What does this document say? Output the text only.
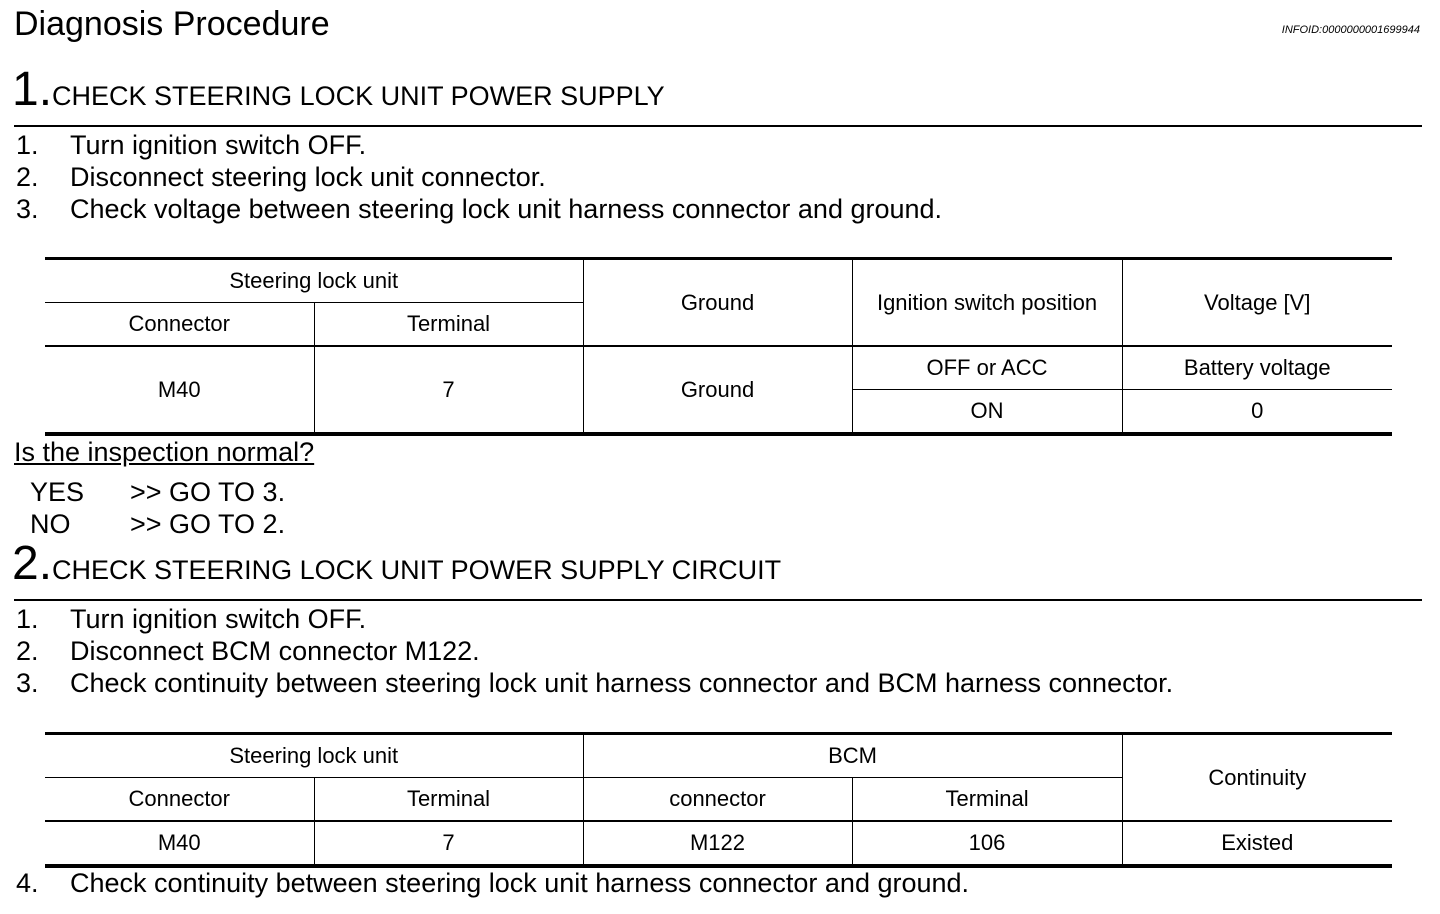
Diagnosis Procedure	INFOID:0000000001699944
1.CHECK STEERING LOCK UNIT POWER SUPPLY
1.	Turn ignition switch OFF.
2.	Disconnect steering lock unit connector.
3.	Check voltage between steering lock unit harness connector and ground.
Steering lock unit		Ground	Ignition switch position	Voltage [V]
Connector	Terminal			
M40	7	Ground	OFF or ACC	Battery voltage
			ON	0
Is the inspection normal?
YES	>> GO TO 3.
NO	>> GO TO 2.
2.CHECK STEERING LOCK UNIT POWER SUPPLY CIRCUIT
1.	Turn ignition switch OFF.
2.	Disconnect BCM connector M122.
3.	Check continuity between steering lock unit harness connector and BCM harness connector.
Steering lock unit		BCM		Continuity
Connector	Terminal	connector	Terminal	
M40	7	M122	106	Existed
4.	Check continuity between steering lock unit harness connector and ground.
